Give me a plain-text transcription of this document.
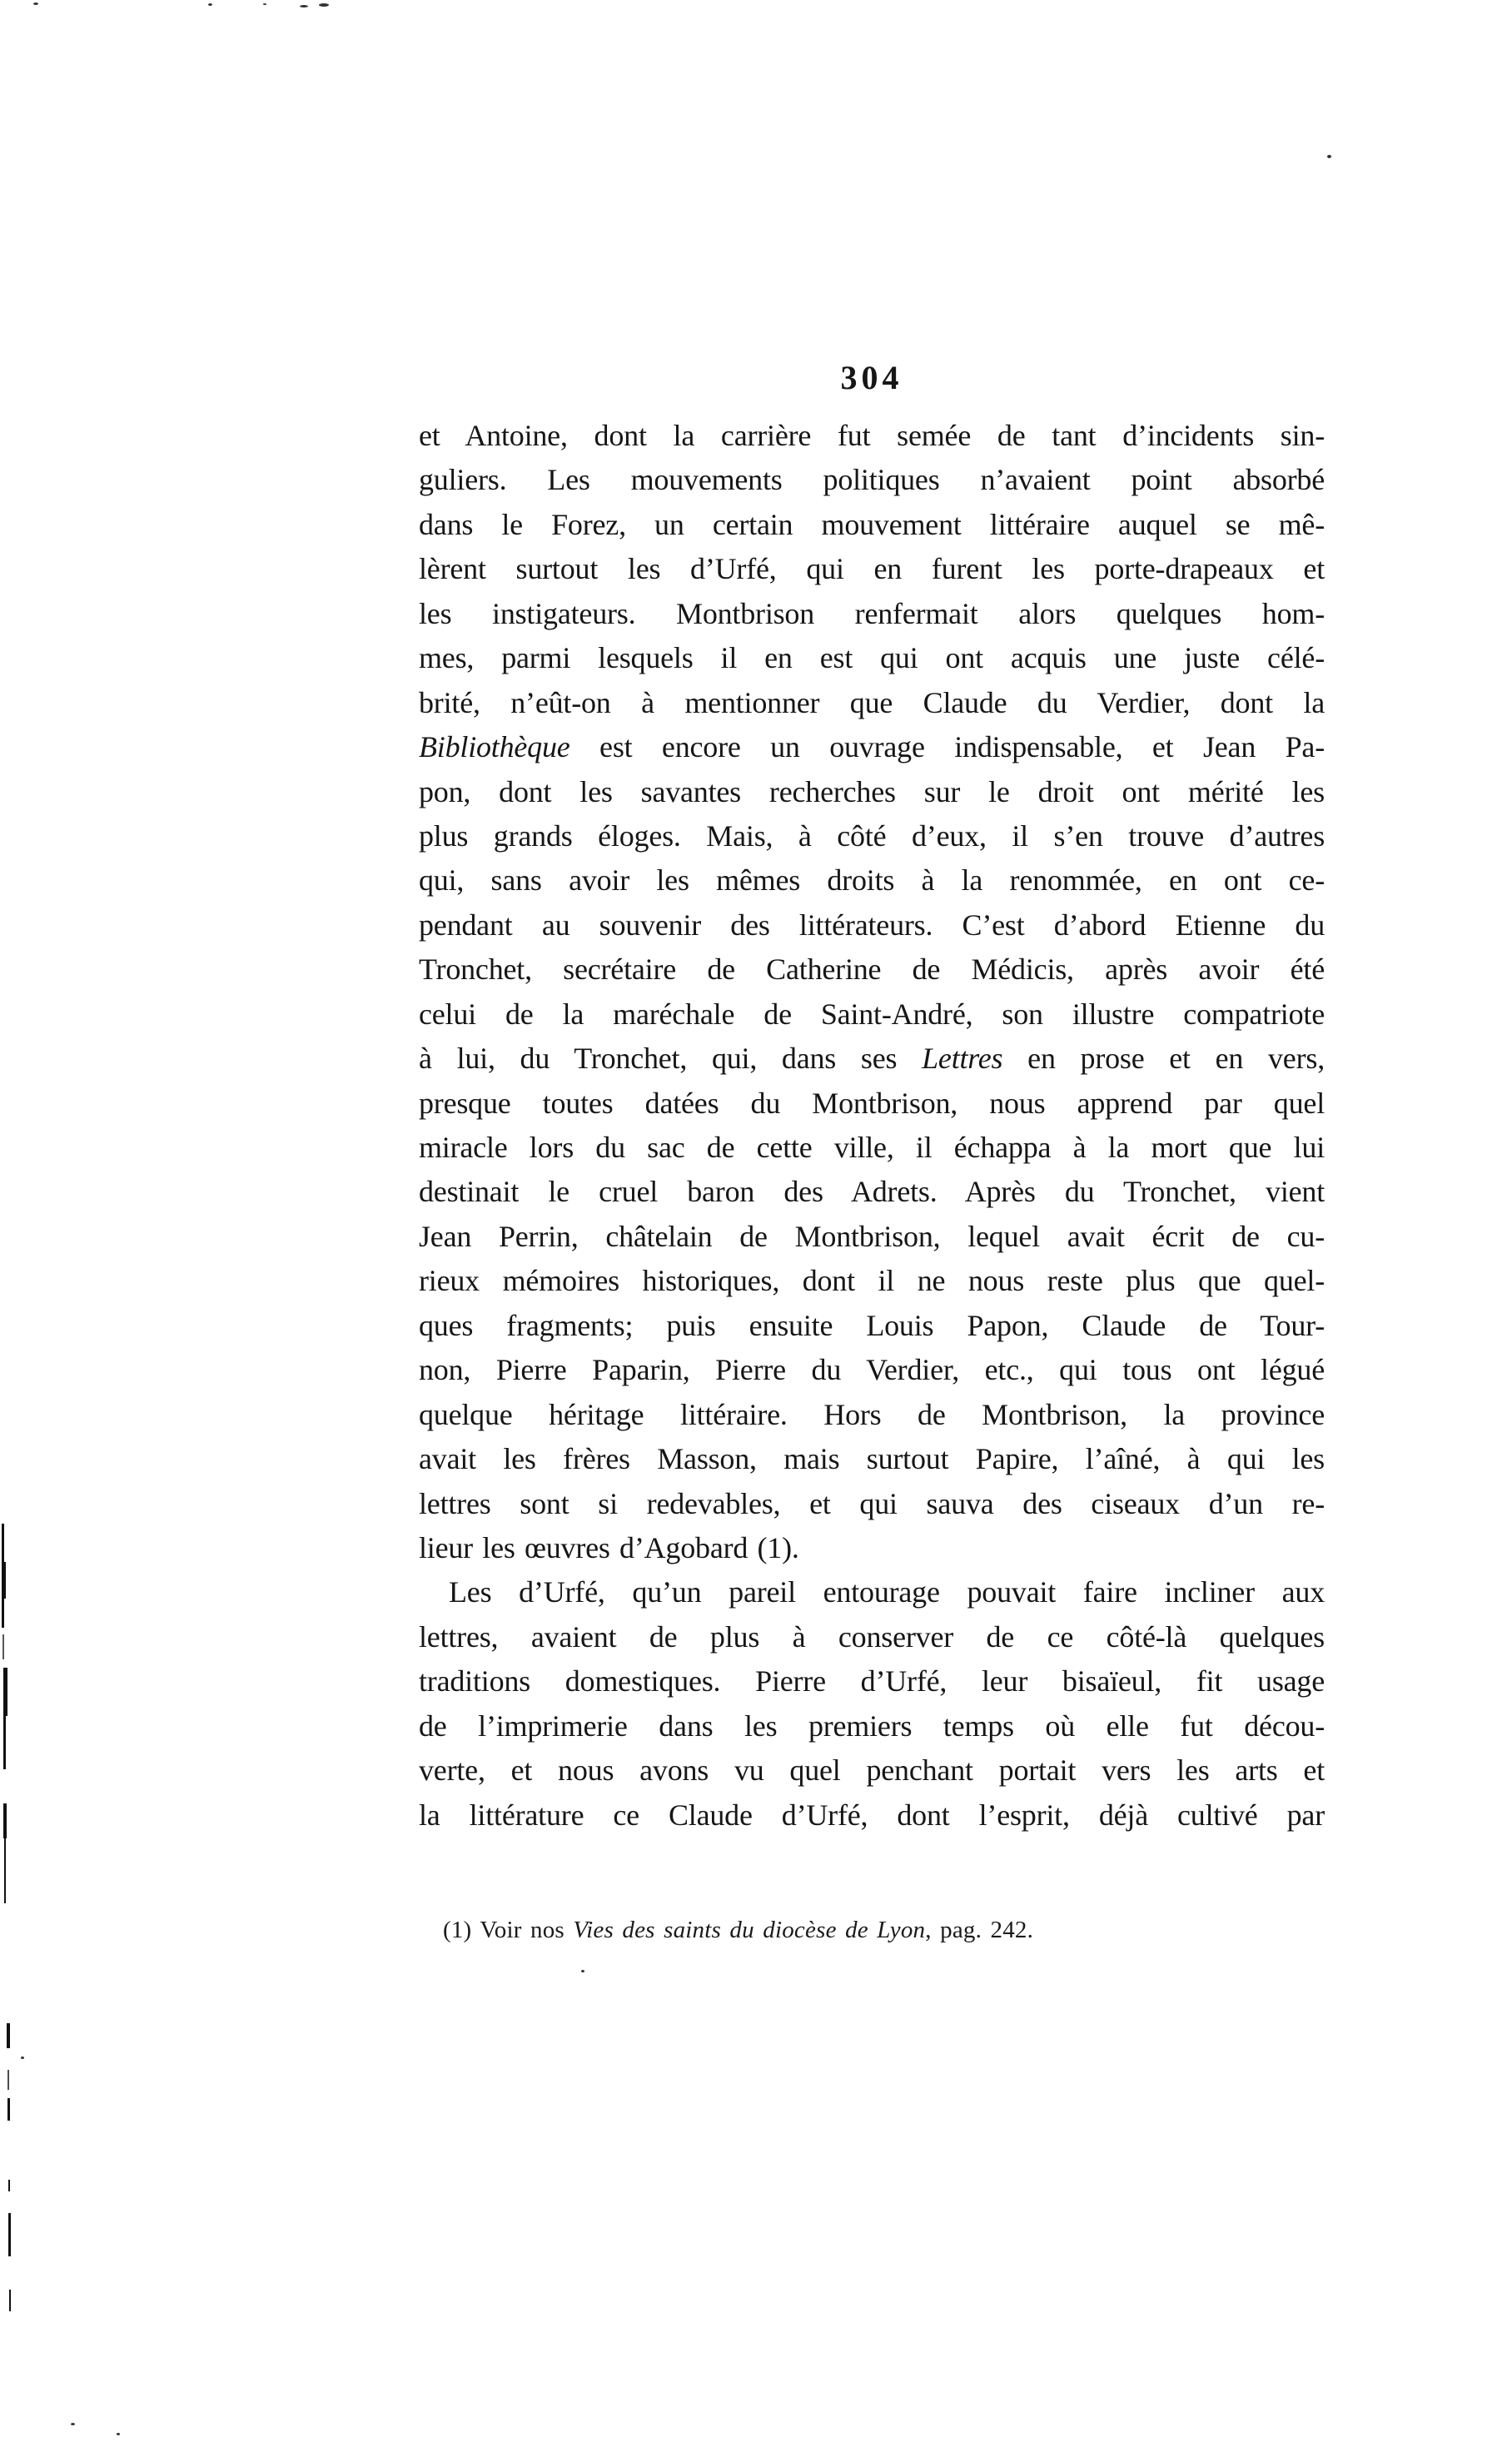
304
et Antoine, dont la carrière fut semée de tant d’incidents sin-
guliers. Les mouvements politiques n’avaient point absorbé
dans le Forez, un certain mouvement littéraire auquel se mê-
lèrent surtout les d’Urfé, qui en furent les porte-drapeaux et
les instigateurs. Montbrison renfermait alors quelques hom-
mes, parmi lesquels il en est qui ont acquis une juste célé-
brité, n’eût-on à mentionner que Claude du Verdier, dont la
Bibliothèque est encore un ouvrage indispensable, et Jean Pa-
pon, dont les savantes recherches sur le droit ont mérité les
plus grands éloges. Mais, à côté d’eux, il s’en trouve d’autres
qui, sans avoir les mêmes droits à la renommée, en ont ce-
pendant au souvenir des littérateurs. C’est d’abord Etienne du
Tronchet, secrétaire de Catherine de Médicis, après avoir été
celui de la maréchale de Saint-André, son illustre compatriote
à lui, du Tronchet, qui, dans ses Lettres en prose et en vers,
presque toutes datées du Montbrison, nous apprend par quel
miracle lors du sac de cette ville, il échappa à la mort que lui
destinait le cruel baron des Adrets. Après du Tronchet, vient
Jean Perrin, châtelain de Montbrison, lequel avait écrit de cu-
rieux mémoires historiques, dont il ne nous reste plus que quel-
ques fragments; puis ensuite Louis Papon, Claude de Tour-
non, Pierre Paparin, Pierre du Verdier, etc., qui tous ont légué
quelque héritage littéraire. Hors de Montbrison, la province
avait les frères Masson, mais surtout Papire, l’aîné, à qui les
lettres sont si redevables, et qui sauva des ciseaux d’un re-
lieur les œuvres d’Agobard (1).
Les d’Urfé, qu’un pareil entourage pouvait faire incliner aux
lettres, avaient de plus à conserver de ce côté-là quelques
traditions domestiques. Pierre d’Urfé, leur bisaïeul, fit usage
de l’imprimerie dans les premiers temps où elle fut décou-
verte, et nous avons vu quel penchant portait vers les arts et
la littérature ce Claude d’Urfé, dont l’esprit, déjà cultivé par
(1) Voir nos Vies des saints du diocèse de Lyon, pag. 242.
